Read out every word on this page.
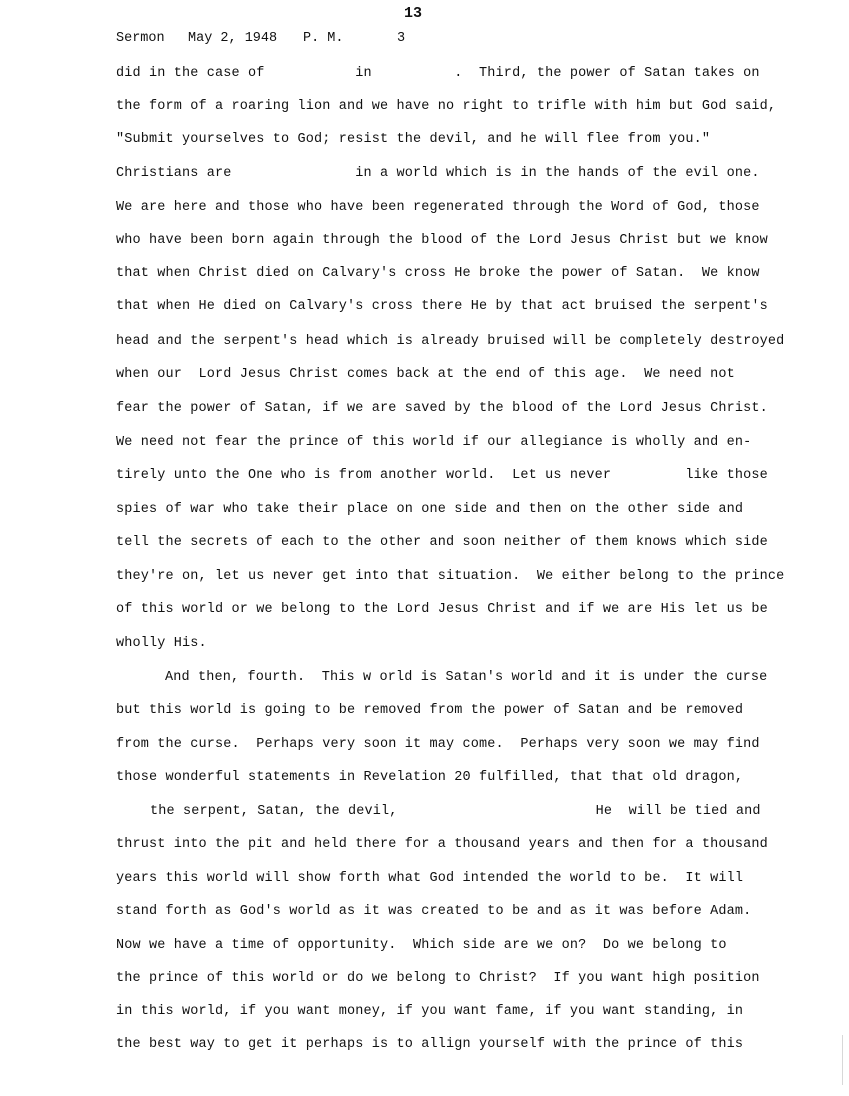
13

Sermon

May 2, 1948

P. M.

	3

did in the case of           in          .  Third, the power of Satan takes on
the form of a roaring lion and we have no right to trifle with him but God said,
"Submit yourselves to God; resist the devil, and he will flee from you."
Christians are               in a world which is in the hands of the evil one.
We are here and those who have been regenerated through the Word of God, those
who have been born again through the blood of the Lord Jesus Christ but we know
that when Christ died on Calvary's cross He broke the power of Satan.  We know
that when He died on Calvary's cross there He by that act bruised the serpent's
head and the serpent's head which is already bruised will be completely destroyed
when our  Lord Jesus Christ comes back at the end of this age.  We need not
fear the power of Satan, if we are saved by the blood of the Lord Jesus Christ.
We need not fear the prince of this world if our allegiance is wholly and en-
tirely unto the One who is from another world.  Let us never         like those
spies of war who take their place on one side and then on the other side and
tell the secrets of each to the other and soon neither of them knows which side
they're on, let us never get into that situation.  We either belong to the prince
of this world or we belong to the Lord Jesus Christ and if we are His let us be
wholly His.
And then, fourth.  This w orld is Satan's world and it is under the curse
but this world is going to be removed from the power of Satan and be removed
from the curse.  Perhaps very soon it may come.  Perhaps very soon we may find
those wonderful statements in Revelation 20 fulfilled, that that old dragon,
the serpent, Satan, the devil,                        He  will be tied and
thrust into the pit and held there for a thousand years and then for a thousand
years this world will show forth what God intended the world to be.  It will
stand forth as God's world as it was created to be and as it was before Adam.
Now we have a time of opportunity.  Which side are we on?  Do we belong to
the prince of this world or do we belong to Christ?  If you want high position
in this world, if you want money, if you want fame, if you want standing, in
the best way to get it perhaps is to allign yourself with the prince of this
